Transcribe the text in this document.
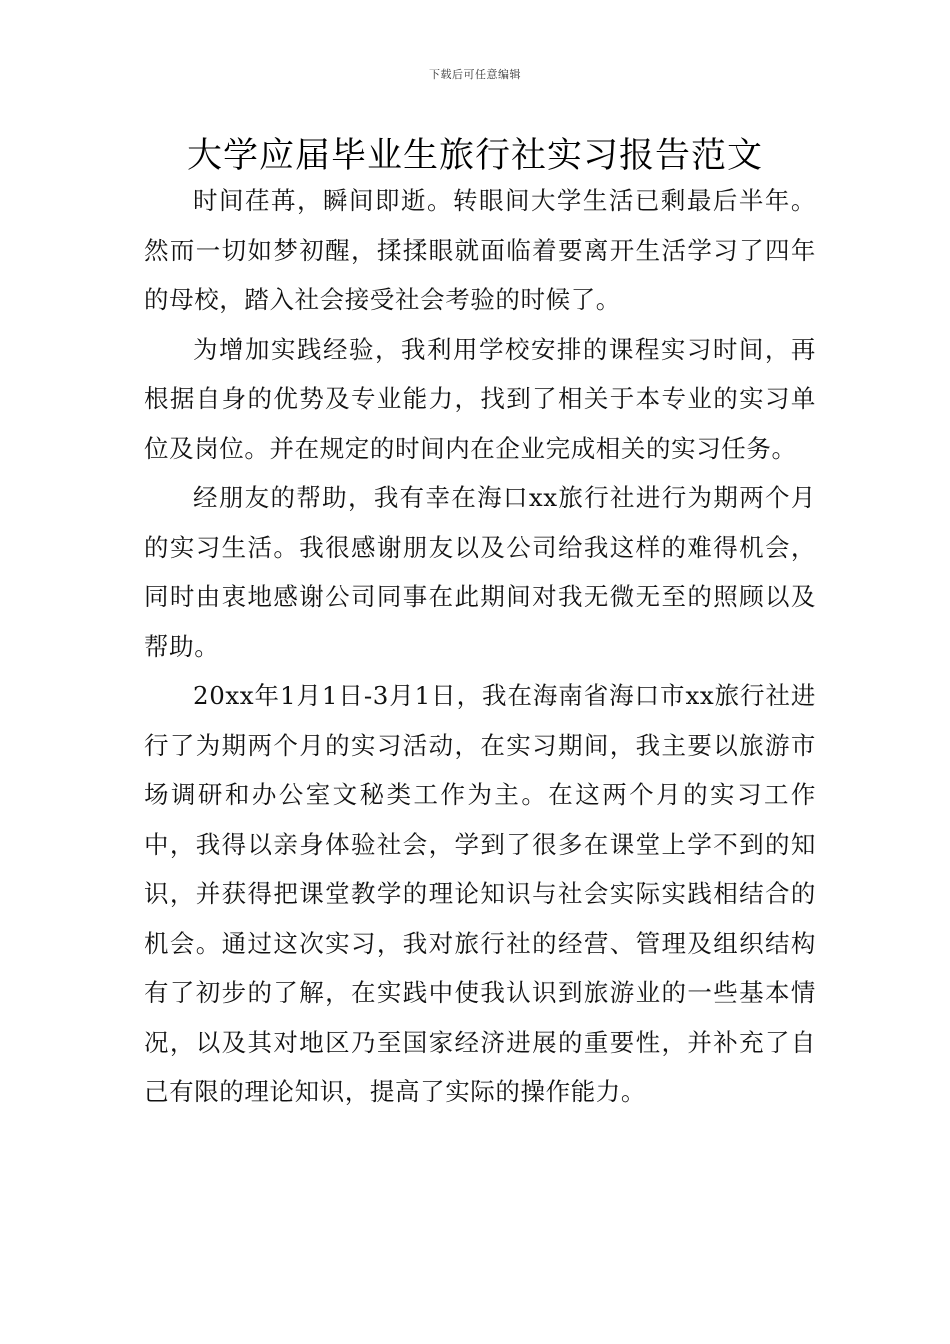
下载后可任意编辑
大学应届毕业生旅行社实习报告范文

时间荏苒，瞬间即逝。转眼间大学生活已剩最后半年。然而一切如梦初醒，揉揉眼就面临着要离开生活学习了四年的母校，踏入社会接受社会考验的时候了。

为增加实践经验，我利用学校安排的课程实习时间，再根据自身的优势及专业能力，找到了相关于本专业的实习单位及岗位。并在规定的时间内在企业完成相关的实习任务。

经朋友的帮助，我有幸在海口xx旅行社进行为期两个月的实习生活。我很感谢朋友以及公司给我这样的难得机会，同时由衷地感谢公司同事在此期间对我无微无至的照顾以及帮助。

20xx年1月1日-3月1日，我在海南省海口市xx旅行社进行了为期两个月的实习活动，在实习期间，我主要以旅游市场调研和办公室文秘类工作为主。在这两个月的实习工作中，我得以亲身体验社会，学到了很多在课堂上学不到的知识，并获得把课堂教学的理论知识与社会实际实践相结合的机会。通过这次实习，我对旅行社的经营、管理及组织结构有了初步的了解，在实践中使我认识到旅游业的一些基本情况，以及其对地区乃至国家经济进展的重要性，并补充了自己有限的理论知识，提高了实际的操作能力。
